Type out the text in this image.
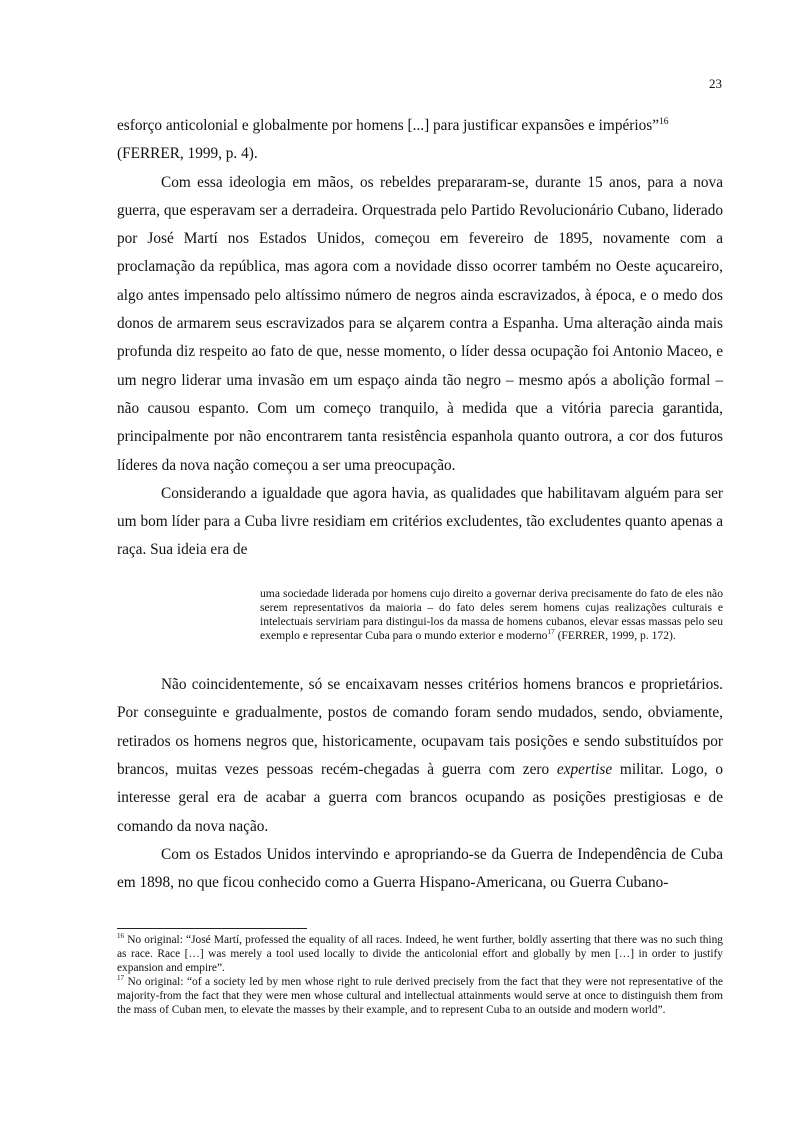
23

esforço anticolonial e globalmente por homens [...] para justificar expansões e impérios”$^{16}$
(FERRER, 1999, p. 4).

Com essa ideologia em mãos, os rebeldes prepararam-se, durante 15 anos, para a nova guerra, que esperavam ser a derradeira. Orquestrada pelo Partido Revolucionário Cubano, liderado por José Martí nos Estados Unidos, começou em fevereiro de 1895, novamente com a proclamação da república, mas agora com a novidade disso ocorrer também no Oeste açucareiro, algo antes impensado pelo altíssimo número de negros ainda escravizados, à época, e o medo dos donos de armarem seus escravizados para se alçarem contra a Espanha. Uma alteração ainda mais profunda diz respeito ao fato de que, nesse momento, o líder dessa ocupação foi Antonio Maceo, e um negro liderar uma invasão em um espaço ainda tão negro – mesmo após a abolição formal – não causou espanto. Com um começo tranquilo, à medida que a vitória parecia garantida, principalmente por não encontrarem tanta resistência espanhola quanto outrora, a cor dos futuros líderes da nova nação começou a ser uma preocupação.

Considerando a igualdade que agora havia, as qualidades que habilitavam alguém para ser um bom líder para a Cuba livre residiam em critérios excludentes, tão excludentes quanto apenas a raça. Sua ideia era de

uma sociedade liderada por homens cujo direito a governar deriva precisamente do fato de eles não serem representativos da maioria – do fato deles serem homens cujas realizações culturais e intelectuais serviriam para distingui-los da massa de homens cubanos, elevar essas massas pelo seu exemplo e representar Cuba para o mundo exterior e moderno$^{17}$ (FERRER, 1999, p. 172).

Não coincidentemente, só se encaixavam nesses critérios homens brancos e proprietários. Por conseguinte e gradualmente, postos de comando foram sendo mudados, sendo, obviamente, retirados os homens negros que, historicamente, ocupavam tais posições e sendo substituídos por brancos, muitas vezes pessoas recém-chegadas à guerra com zero expertise militar. Logo, o interesse geral era de acabar a guerra com brancos ocupando as posições prestigiosas e de comando da nova nação.

Com os Estados Unidos intervindo e apropriando-se da Guerra de Independência de Cuba em 1898, no que ficou conhecido como a Guerra Hispano-Americana, ou Guerra Cubano-

$^{16}$ No original: “José Martí, professed the equality of all races. Indeed, he went further, boldly asserting that there was no such thing as race. Race […] was merely a tool used locally to divide the anticolonial effort and globally by men […] in order to justify expansion and empire”.

$^{17}$ No original: “of a society led by men whose right to rule derived precisely from the fact that they were not representative of the majority-from the fact that they were men whose cultural and intellectual attainments would serve at once to distinguish them from the mass of Cuban men, to elevate the masses by their example, and to represent Cuba to an outside and modern world”.
